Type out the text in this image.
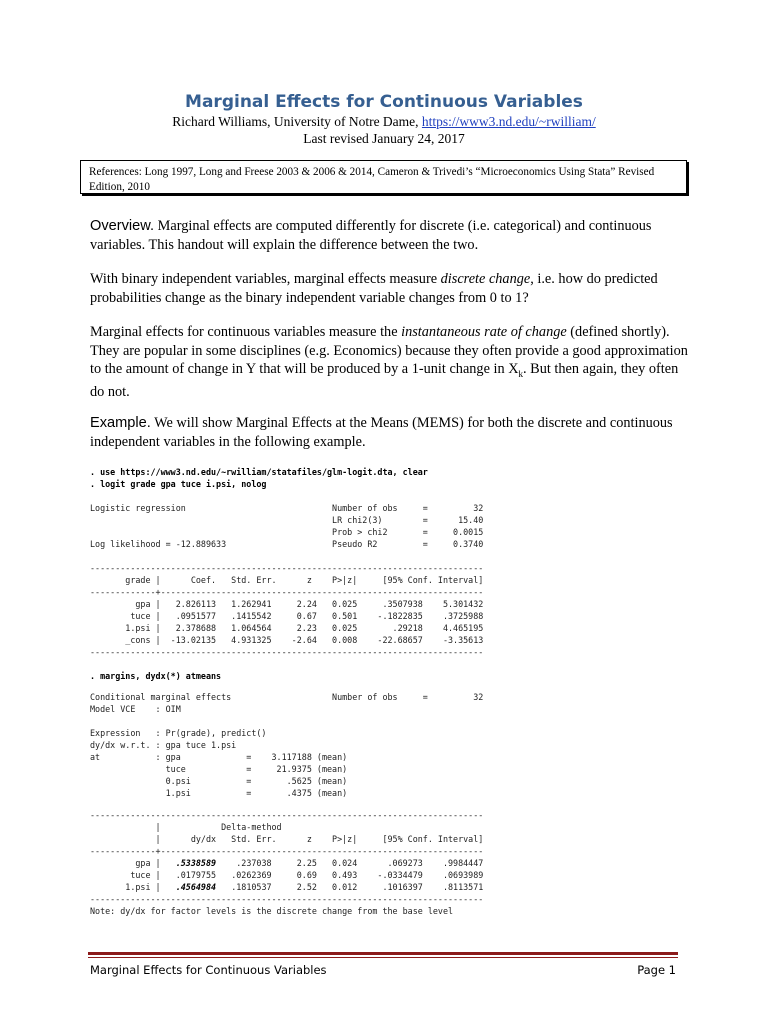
Marginal Effects for Continuous Variables
Richard Williams, University of Notre Dame, https://www3.nd.edu/~rwilliam/
Last revised January 24, 2017
References: Long 1997, Long and Freese 2003 & 2006 & 2014, Cameron & Trivedi’s “Microeconomics Using Stata” Revised Edition, 2010
Overview. Marginal effects are computed differently for discrete (i.e. categorical) and continuous variables. This handout will explain the difference between the two.
With binary independent variables, marginal effects measure discrete change, i.e. how do predicted probabilities change as the binary independent variable changes from 0 to 1?
Marginal effects for continuous variables measure the instantaneous rate of change (defined shortly). They are popular in some disciplines (e.g. Economics) because they often provide a good approximation to the amount of change in Y that will be produced by a 1-unit change in $X_k$. But then again, they often do not.
Example. We will show Marginal Effects at the Means (MEMS) for both the discrete and continuous independent variables in the following example.
. use https://www3.nd.edu/~rwilliam/statafiles/glm-logit.dta, clear
. logit grade gpa tuce i.psi, nolog
Logistic regression                             Number of obs     =         32
LR chi2(3)        =      15.40
Prob > chi2       =     0.0015
Log likelihood = -12.889633                     Pseudo R2         =     0.3740
------------------------------------------------------------------------------
grade |      Coef.   Std. Err.      z    P>|z|     [95% Conf. Interval]
-------------+----------------------------------------------------------------
gpa |   2.826113   1.262941     2.24   0.025     .3507938    5.301432
tuce |   .0951577   .1415542     0.67   0.501    -.1822835    .3725988
1.psi |   2.378688   1.064564     2.23   0.025       .29218    4.465195
_cons |  -13.02135   4.931325    -2.64   0.008    -22.68657    -3.35613
------------------------------------------------------------------------------
. margins, dydx(*) atmeans
Conditional marginal effects                    Number of obs     =         32
Model VCE    : OIM
Expression   : Pr(grade), predict()
dy/dx w.r.t. : gpa tuce 1.psi
at           : gpa             =    3.117188 (mean)
tuce            =     21.9375 (mean)
0.psi           =       .5625 (mean)
1.psi           =       .4375 (mean)
------------------------------------------------------------------------------
|            Delta-method
|      dy/dx   Std. Err.      z    P>|z|     [95% Conf. Interval]
-------------+----------------------------------------------------------------
gpa |   .5338589    .237038     2.25   0.024      .069273    .9984447
tuce |   .0179755   .0262369     0.69   0.493    -.0334479    .0693989
1.psi |   .4564984   .1810537     2.52   0.012     .1016397    .8113571
------------------------------------------------------------------------------
Note: dy/dx for factor levels is the discrete change from the base level
Marginal Effects for Continuous Variables	Page 1
